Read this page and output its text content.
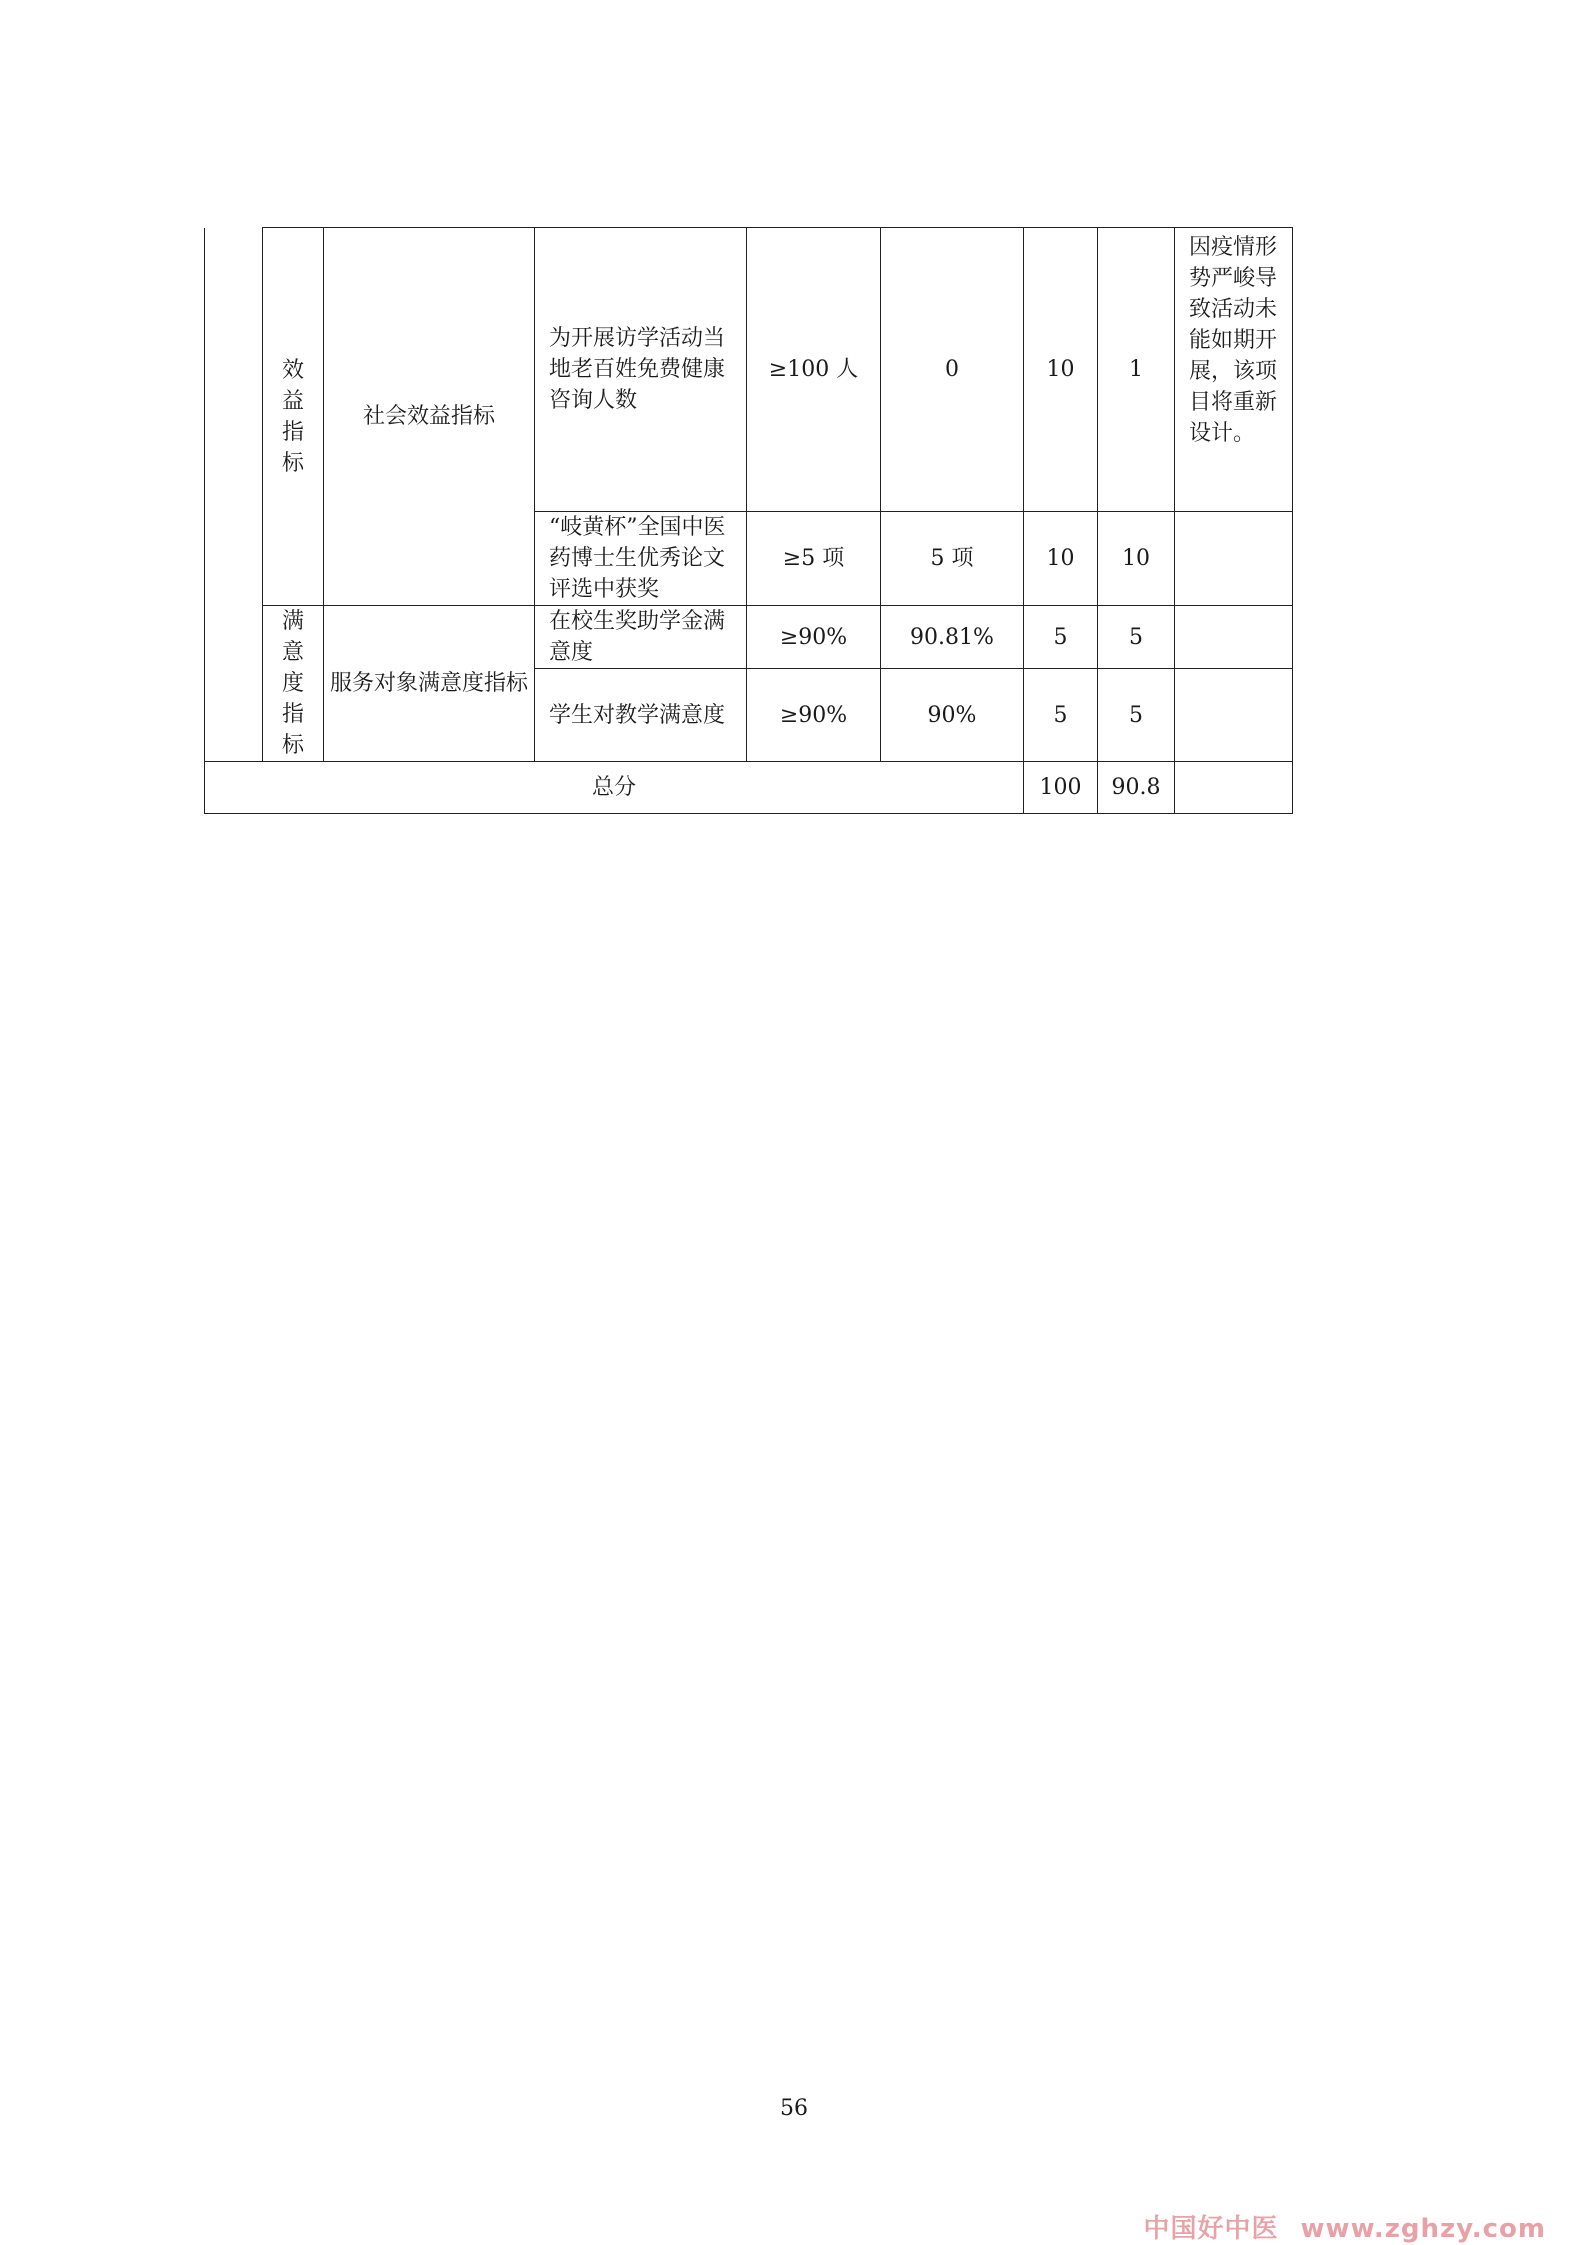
	效益指标	社会效益指标	为开展访学活动当地老百姓免费健康咨询人数	≥100 人	0	10	1	因疫情形势严峻导致活动未能如期开展，该项目将重新设计。
			“岐黄杯”全国中医药博士生优秀论文评选中获奖	≥5 项	5 项	10	10	
	满意度指标	服务对象满意度指标	在校生奖助学金满意度	≥90%	90.81%	5	5	
			学生对教学满意度	≥90%	90%	5	5	
总分						100	90.8	
56
中国好中医 www.zghzy.com
